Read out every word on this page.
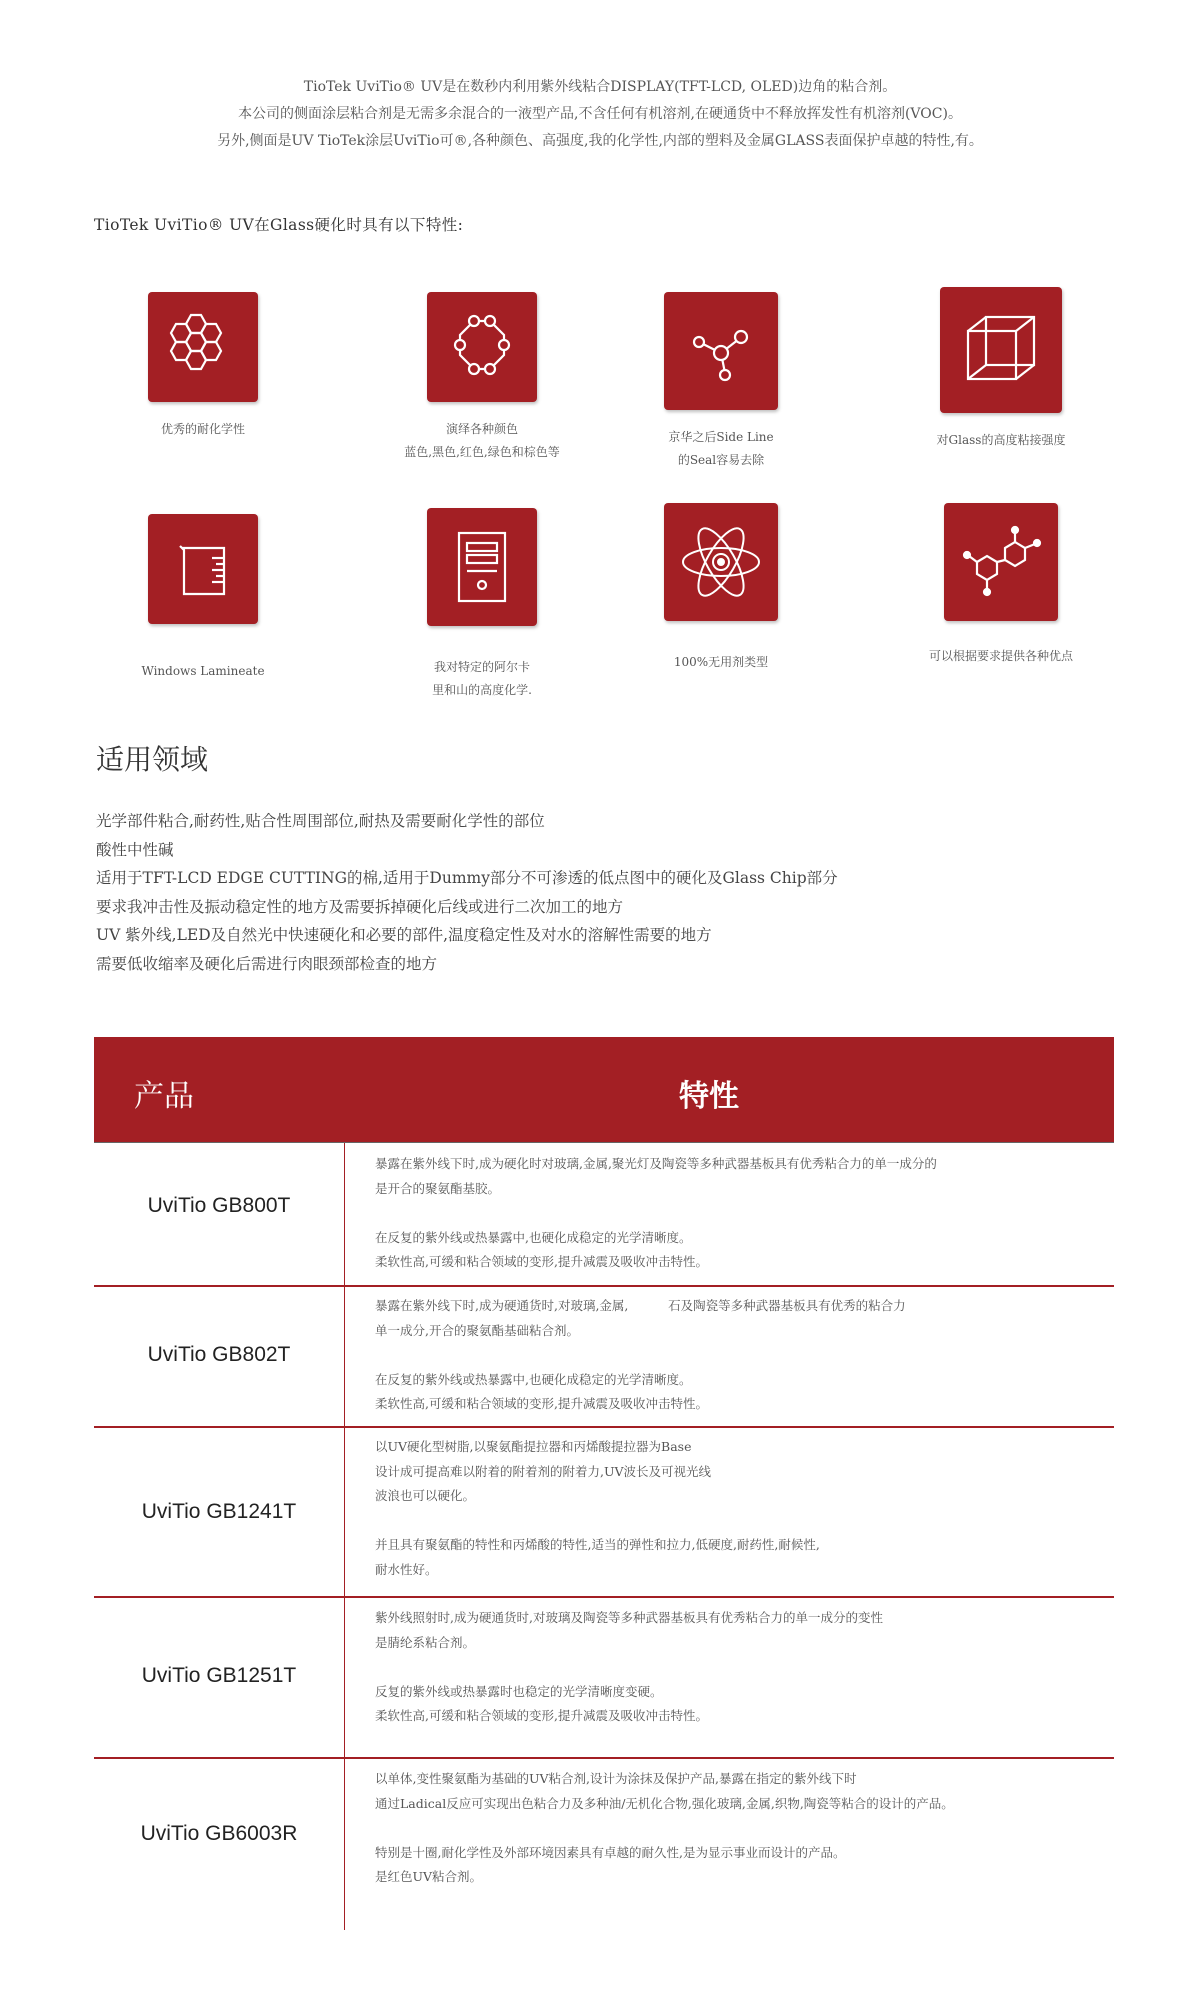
TioTek UviTio® UV是在数秒内利用紫外线粘合DISPLAY(TFT-LCD, OLED)边角的粘合剂。
本公司的侧面涂层粘合剂是无需多余混合的一液型产品,不含任何有机溶剂,在硬通货中不释放挥发性有机溶剂(VOC)。
另外,侧面是UV TioTek涂层UviTio可®,各种颜色、高强度,我的化学性,内部的塑料及金属GLASS表面保护卓越的特性,有。
TioTek UviTio® UV在Glass硬化时具有以下特性:
优秀的耐化学性	演绎各种颜色
蓝色,黑色,红色,绿色和棕色等
京华之后Side Line
的Seal容易去除
对Glass的高度粘接强度
Windows Lamineate	我对特定的阿尔卡
里和山的高度化学.
100%无用剂类型	可以根据要求提供各种优点
适用领域
光学部件粘合,耐药性,贴合性周围部位,耐热及需要耐化学性的部位
酸性中性碱
适用于TFT-LCD EDGE CUTTING的棉,适用于Dummy部分不可渗透的低点图中的硬化及Glass Chip部分
要求我冲击性及振动稳定性的地方及需要拆掉硬化后线或进行二次加工的地方
UV 紫外线,LED及自然光中快速硬化和必要的部件,温度稳定性及对水的溶解性需要的地方
需要低收缩率及硬化后需进行肉眼颈部检查的地方
产品	特性
UviTio GB800T
暴露在紫外线下时,成为硬化时对玻璃,金属,聚光灯及陶瓷等多种武器基板具有优秀粘合力的单一成分的
是开合的聚氨酯基胶。
在反复的紫外线或热暴露中,也硬化成稳定的光学清晰度。
柔软性高,可缓和粘合领域的变形,提升减震及吸收冲击特性。
UviTio GB802T
暴露在紫外线下时,成为硬通货时,对玻璃,金属,          石及陶瓷等多种武器基板具有优秀的粘合力
单一成分,开合的聚氨酯基础粘合剂。
在反复的紫外线或热暴露中,也硬化成稳定的光学清晰度。
柔软性高,可缓和粘合领域的变形,提升减震及吸收冲击特性。
UviTio GB1241T
以UV硬化型树脂,以聚氨酯提拉器和丙烯酸提拉器为Base
设计成可提高难以附着的附着剂的附着力,UV波长及可视光线
波浪也可以硬化。
并且具有聚氨酯的特性和丙烯酸的特性,适当的弹性和拉力,低硬度,耐药性,耐候性,
耐水性好。
UviTio GB1251T
紫外线照射时,成为硬通货时,对玻璃及陶瓷等多种武器基板具有优秀粘合力的单一成分的变性
是腈纶系粘合剂。
反复的紫外线或热暴露时也稳定的光学清晰度变硬。
柔软性高,可缓和粘合领域的变形,提升减震及吸收冲击特性。
UviTio GB6003R
以单体,变性聚氨酯为基础的UV粘合剂,设计为涂抹及保护产品,暴露在指定的紫外线下时
通过Ladical反应可实现出色粘合力及多种油/无机化合物,强化玻璃,金属,织物,陶瓷等粘合的设计的产品。
特别是十圈,耐化学性及外部环境因素具有卓越的耐久性,是为显示事业而设计的产品。
是红色UV粘合剂。
